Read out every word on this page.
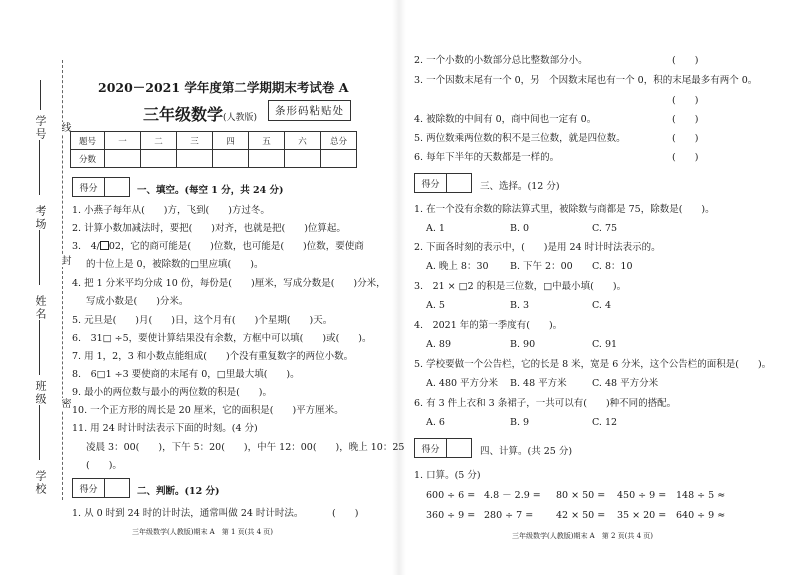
学号
考场
姓名
班级
学校
线
封
密
2020－2021 学年度第二学期期末考试卷 A
三年级数学(人教版)
条形码粘贴处
题号	一	二	三	四	五	六	总分
分数							
得分	一、填空。(每空 1 分，共 24 分)
1. 小燕子每年从(　　)方，飞到(　　)方过冬。
2. 计算小数加减法时，要把(　　)对齐，也就是把(　　)位算起。
3.　4/ 02，它的商可能是(　　)位数，也可能是(　　)位数，要使商
的十位上是 0，被除数的□里应填(　　)。
4. 把 1 分米平均分成 10 份，每份是(　　)厘米，写成分数是(　　)分米，
写成小数是(　　)分米。
5. 元旦是(　　)月(　　)日，这个月有(　　)个星期(　　)天。
6.　31□ ÷5，要使计算结果没有余数，方框中可以填(　　)或(　　)。
7. 用 1，2，3 和小数点能组成(　　)个没有重复数字的两位小数。
8.　6□1 ÷3 要使商的末尾有 0，□里最大填(　　)。
9. 最小的两位数与最小的两位数的积是(　　)。
10. 一个正方形的周长是 20 厘米，它的面积是(　　)平方厘米。
11. 用 24 时计时法表示下面的时刻。(4 分)
凌晨 3：00(　　)，下午 5：20(　　)，中午 12：00(　　)，晚上 10：25
(　　)。
得分	二、判断。(12 分)
1. 从 0 时到 24 时的计时法，通常叫做 24 时计时法。	(　　)
三年级数学(人教版)期末 A　第 1 页(共 4 页)
2. 一个小数的小数部分总比整数部分小。	(　　)
3. 一个因数末尾有一个 0，另　个因数末尾也有一个 0，积的末尾最多有两个 0。
(　　)
4. 被除数的中间有 0，商中间也一定有 0。	(　　)
5. 两位数乘两位数的积不是三位数，就是四位数。	(　　)
6. 每年下半年的天数都是一样的。	(　　)
得分	三、选择。(12 分)
1. 在一个没有余数的除法算式里，被除数与商都是 75，除数是(　　)。
A. 1	B. 0	C. 75
2. 下面各时刻的表示中，(　　)是用 24 时计时法表示的。
A. 晚上 8：30 B. 下午 2：00 C. 8：10
3.　21 × □2 的积是三位数，□中最小填(　　)。
A. 5	B. 3	C. 4
4.　2021 年的第一季度有(　　)。
A. 89	B. 90	C. 91
5. 学校要做一个公告栏，它的长是 8 米，宽是 6 分米，这个公告栏的面积是(　　)。
A. 480 平方分米 B. 48 平方米	C. 48 平方分米
6. 有 3 件上衣和 3 条裙子，一共可以有(　　)种不同的搭配。
A. 6	B. 9	C. 12
得分	四、计算。(共 25 分)
1. 口算。(5 分)
600 ÷ 6 = 4.8 － 2.9 = 80 × 50 = 450 ÷ 9 = 148 ÷ 5 ≈
360 ÷ 9 = 280 ÷ 7 = 42 × 50 = 35 × 20 = 640 ÷ 9 ≈
三年级数学(人教版)期末 A　第 2 页(共 4 页)
